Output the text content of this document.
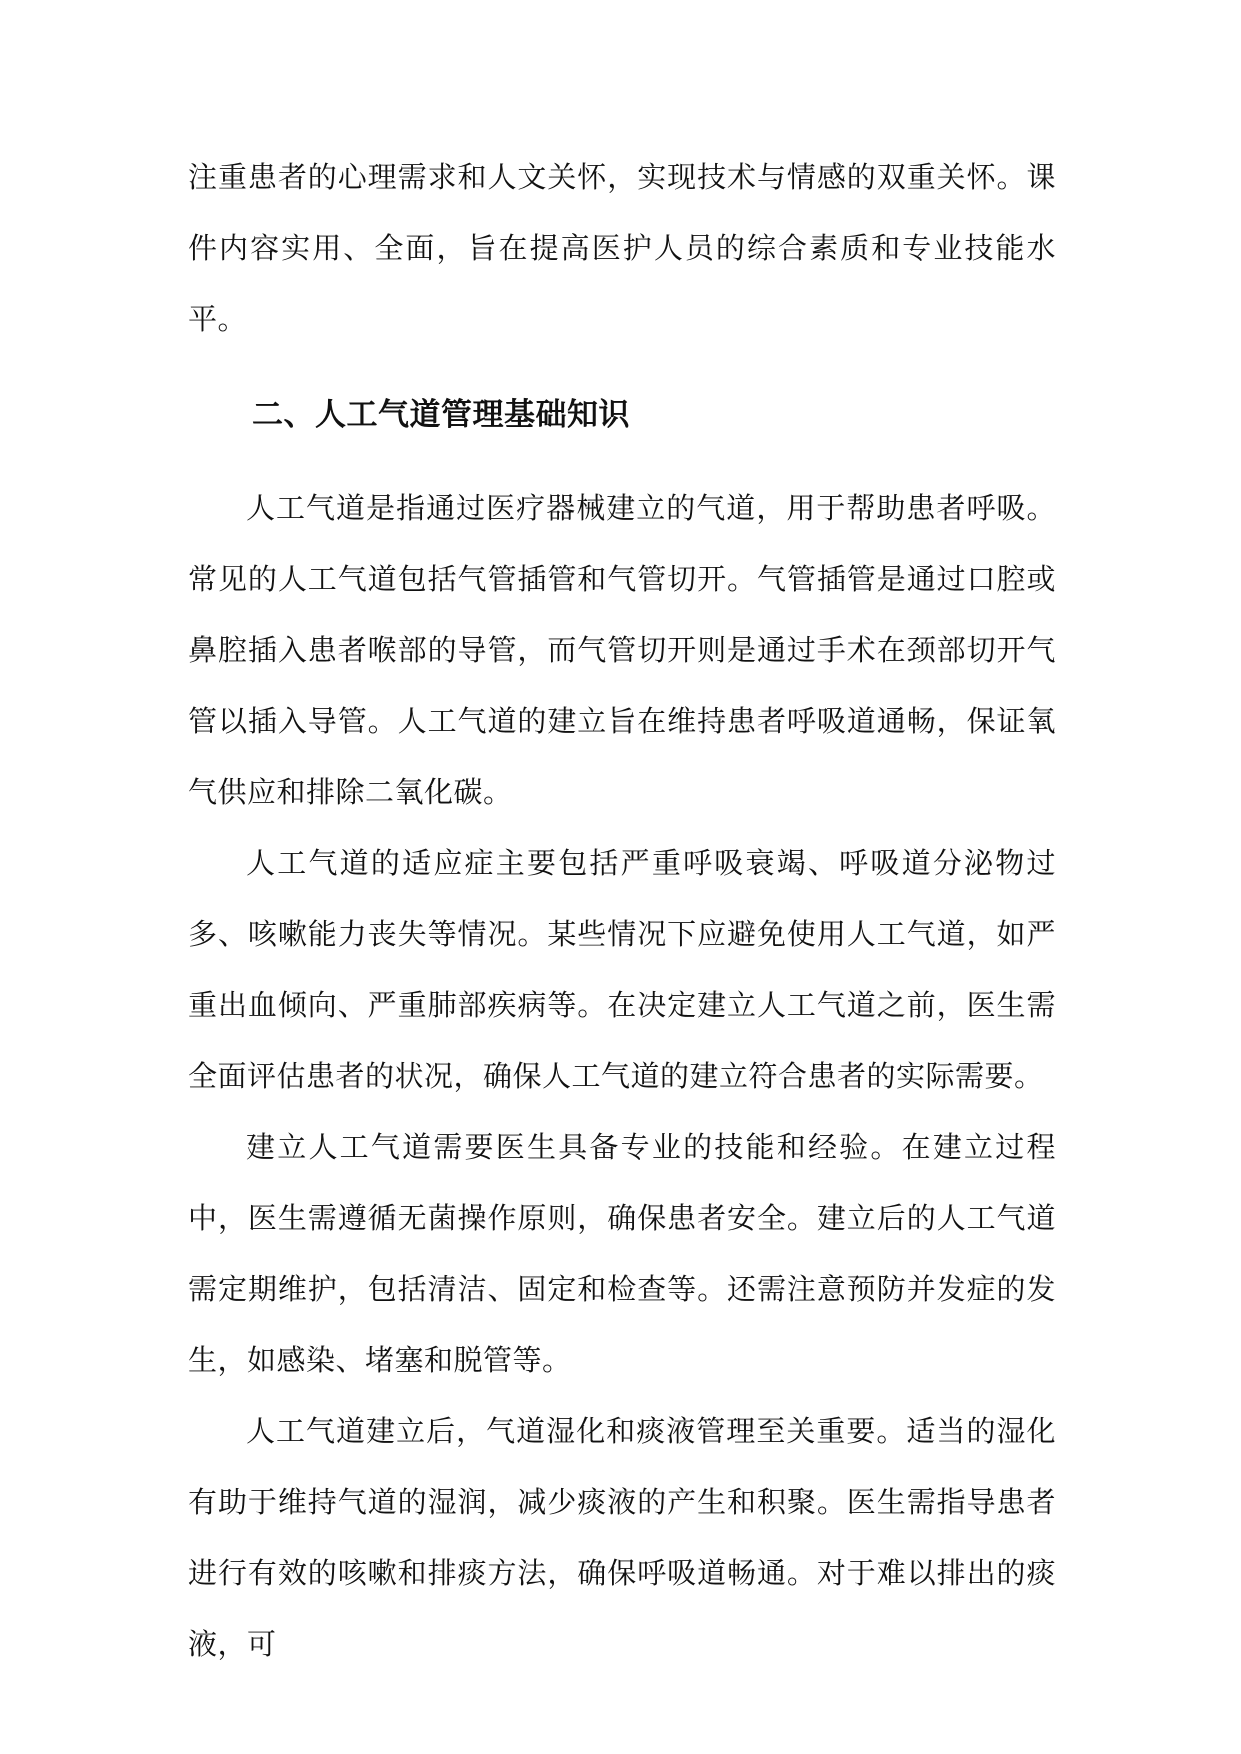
注重患者的心理需求和人文关怀，实现技术与情感的双重关怀。课件内容实用、全面，旨在提高医护人员的综合素质和专业技能水平。

二、人工气道管理基础知识

人工气道是指通过医疗器械建立的气道，用于帮助患者呼吸。常见的人工气道包括气管插管和气管切开。气管插管是通过口腔或鼻腔插入患者喉部的导管，而气管切开则是通过手术在颈部切开气管以插入导管。人工气道的建立旨在维持患者呼吸道通畅，保证氧气供应和排除二氧化碳。

人工气道的适应症主要包括严重呼吸衰竭、呼吸道分泌物过多、咳嗽能力丧失等情况。某些情况下应避免使用人工气道，如严重出血倾向、严重肺部疾病等。在决定建立人工气道之前，医生需全面评估患者的状况，确保人工气道的建立符合患者的实际需要。

建立人工气道需要医生具备专业的技能和经验。在建立过程中，医生需遵循无菌操作原则，确保患者安全。建立后的人工气道需定期维护，包括清洁、固定和检查等。还需注意预防并发症的发生，如感染、堵塞和脱管等。

人工气道建立后，气道湿化和痰液管理至关重要。适当的湿化有助于维持气道的湿润，减少痰液的产生和积聚。医生需指导患者进行有效的咳嗽和排痰方法，确保呼吸道畅通。对于难以排出的痰液，可
